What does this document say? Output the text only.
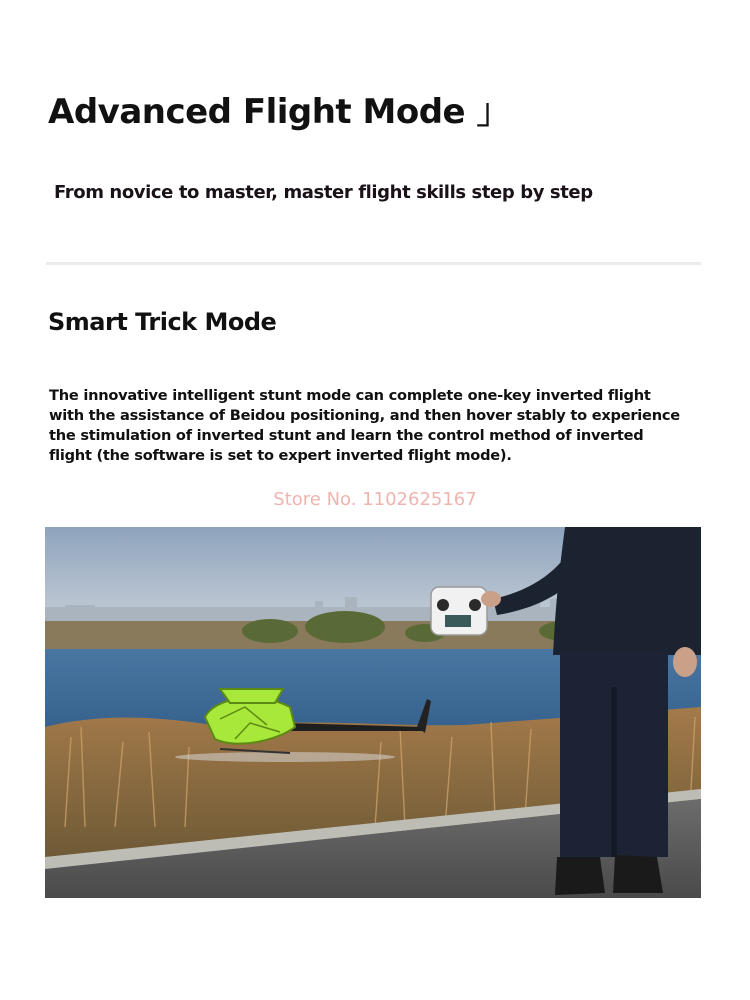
Advanced Flight Mode 」

From novice to master, master flight skills step by step

Smart Trick Mode

The innovative intelligent stunt mode can complete one-key inverted flight with the assistance of Beidou positioning, and then hover stably to experience the stimulation of inverted stunt and learn the control method of inverted flight (the software is set to expert inverted flight mode).

Store No. 1102625167
